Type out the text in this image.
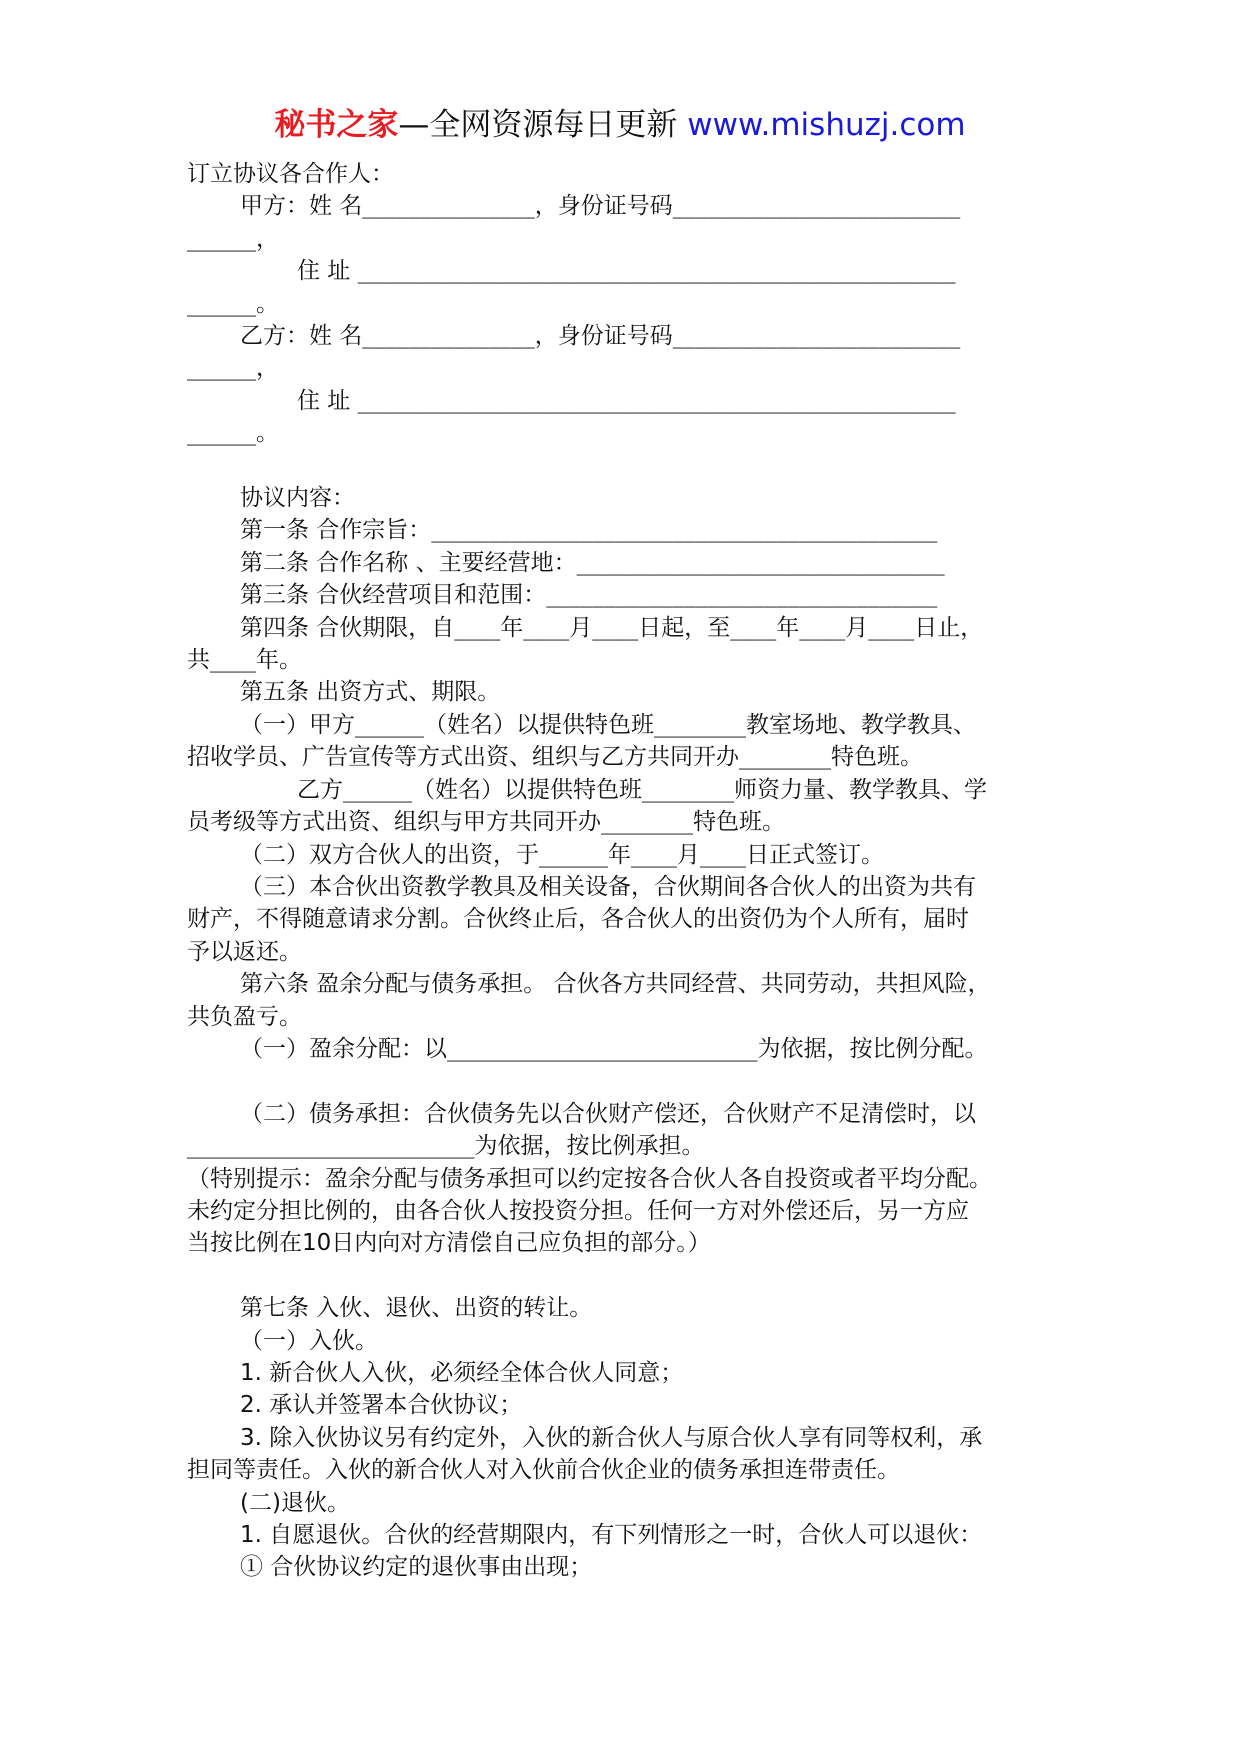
秘书之家—全网资源每日更新 www.mishuzj.com
订立协议各合作人：
甲方：姓 名_______________，身份证号码_________________________
______，
住 址 ____________________________________________________
______。
乙方：姓 名_______________，身份证号码_________________________
______，
住 址 ____________________________________________________
______。
协议内容：
第一条 合作宗旨：____________________________________________
第二条 合作名称 、主要经营地：________________________________
第三条 合伙经营项目和范围：__________________________________
第四条 合伙期限，自____年____月____日起，至____年____月____日止，
共____年。
第五条 出资方式、期限。
（一）甲方______（姓名）以提供特色班________教室场地、教学教具、
招收学员、广告宣传等方式出资、组织与乙方共同开办________特色班。
乙方______（姓名）以提供特色班________师资力量、教学教具、学
员考级等方式出资、组织与甲方共同开办________特色班。
（二）双方合伙人的出资，于______年____月____日正式签订。
（三）本合伙出资教学教具及相关设备，合伙期间各合伙人的出资为共有
财产，不得随意请求分割。合伙终止后，各合伙人的出资仍为个人所有，届时
予以返还。
第六条 盈余分配与债务承担。 合伙各方共同经营、共同劳动，共担风险，
共负盈亏。
（一）盈余分配：以___________________________为依据，按比例分配。
（二）债务承担：合伙债务先以合伙财产偿还，合伙财产不足清偿时，以
_________________________为依据，按比例承担。
（特别提示：盈余分配与债务承担可以约定按各合伙人各自投资或者平均分配。
未约定分担比例的，由各合伙人按投资分担。任何一方对外偿还后，另一方应
当按比例在10日内向对方清偿自己应负担的部分。）
第七条 入伙、退伙、出资的转让。
（一）入伙。
1. 新合伙人入伙，必须经全体合伙人同意；
2. 承认并签署本合伙协议；
3. 除入伙协议另有约定外，入伙的新合伙人与原合伙人享有同等权利，承
担同等责任。入伙的新合伙人对入伙前合伙企业的债务承担连带责任。
(二)退伙。
1. 自愿退伙。合伙的经营期限内，有下列情形之一时，合伙人可以退伙：
① 合伙协议约定的退伙事由出现；
